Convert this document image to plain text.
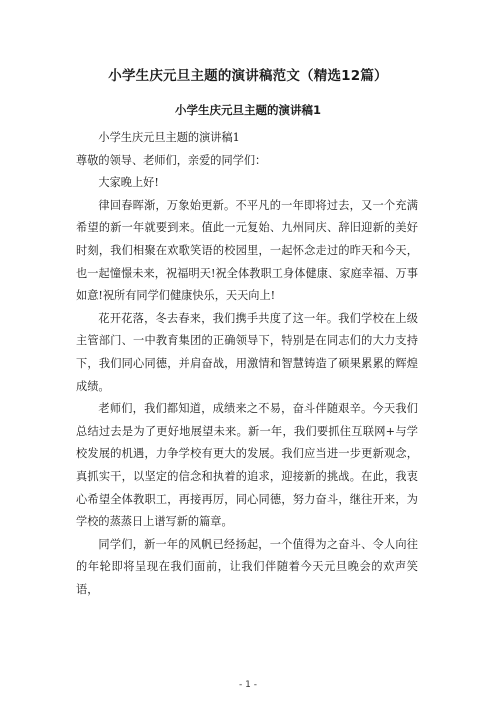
小学生庆元旦主题的演讲稿范文（精选12篇）
小学生庆元旦主题的演讲稿1

小学生庆元旦主题的演讲稿1

尊敬的领导、老师们，亲爱的同学们：

大家晚上好!

律回春晖渐，万象始更新。不平凡的一年即将过去，又一个充满希望的新一年就要到来。值此一元复始、九州同庆、辞旧迎新的美好时刻，我们相聚在欢歌笑语的校园里，一起怀念走过的昨天和今天，也一起憧憬未来，祝福明天!祝全体教职工身体健康、家庭幸福、万事如意!祝所有同学们健康快乐，天天向上!

花开花落，冬去春来，我们携手共度了这一年。我们学校在上级主管部门、一中教育集团的正确领导下，特别是在同志们的大力支持下，我们同心同德，并肩奋战，用激情和智慧铸造了硕果累累的辉煌成绩。

老师们，我们都知道，成绩来之不易，奋斗伴随艰辛。今天我们总结过去是为了更好地展望未来。新一年，我们要抓住互联网+与学校发展的机遇，力争学校有更大的发展。我们应当进一步更新观念，真抓实干，以坚定的信念和执着的追求，迎接新的挑战。在此，我衷心希望全体教职工，再接再厉，同心同德，努力奋斗，继往开来，为学校的蒸蒸日上谱写新的篇章。

同学们，新一年的风帆已经扬起，一个值得为之奋斗、令人向往的年轮即将呈现在我们面前，让我们伴随着今天元旦晚会的欢声笑语，

- 1 -
